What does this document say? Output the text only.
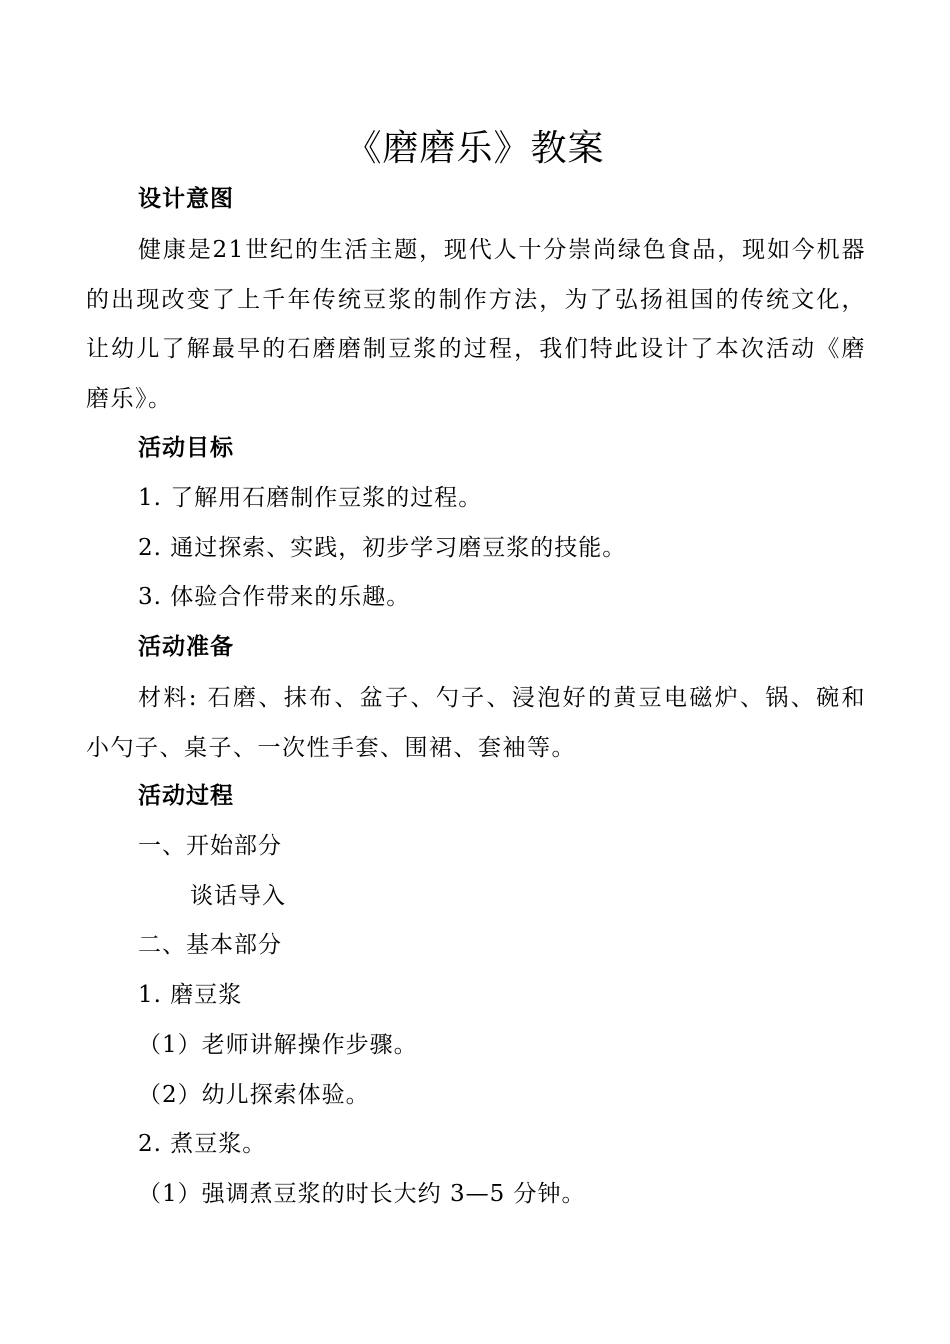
《磨磨乐》教案
设计意图
健康是21世纪的生活主题，现代人十分崇尚绿色食品，现如今机器的出现改变了上千年传统豆浆的制作方法，为了弘扬祖国的传统文化，让幼儿了解最早的石磨磨制豆浆的过程，我们特此设计了本次活动《磨磨乐》。
活动目标
1. 了解用石磨制作豆浆的过程。
2. 通过探索、实践，初步学习磨豆浆的技能。
3. 体验合作带来的乐趣。
活动准备
材料: 石磨、抹布、盆子、勺子、浸泡好的黄豆电磁炉、锅、碗和小勺子、桌子、一次性手套、围裙、套袖等。
活动过程
一、开始部分
谈话导入
二、基本部分
1. 磨豆浆
（1）老师讲解操作步骤。
（2）幼儿探索体验。
2. 煮豆浆。
（1）强调煮豆浆的时长大约 3—5 分钟。
